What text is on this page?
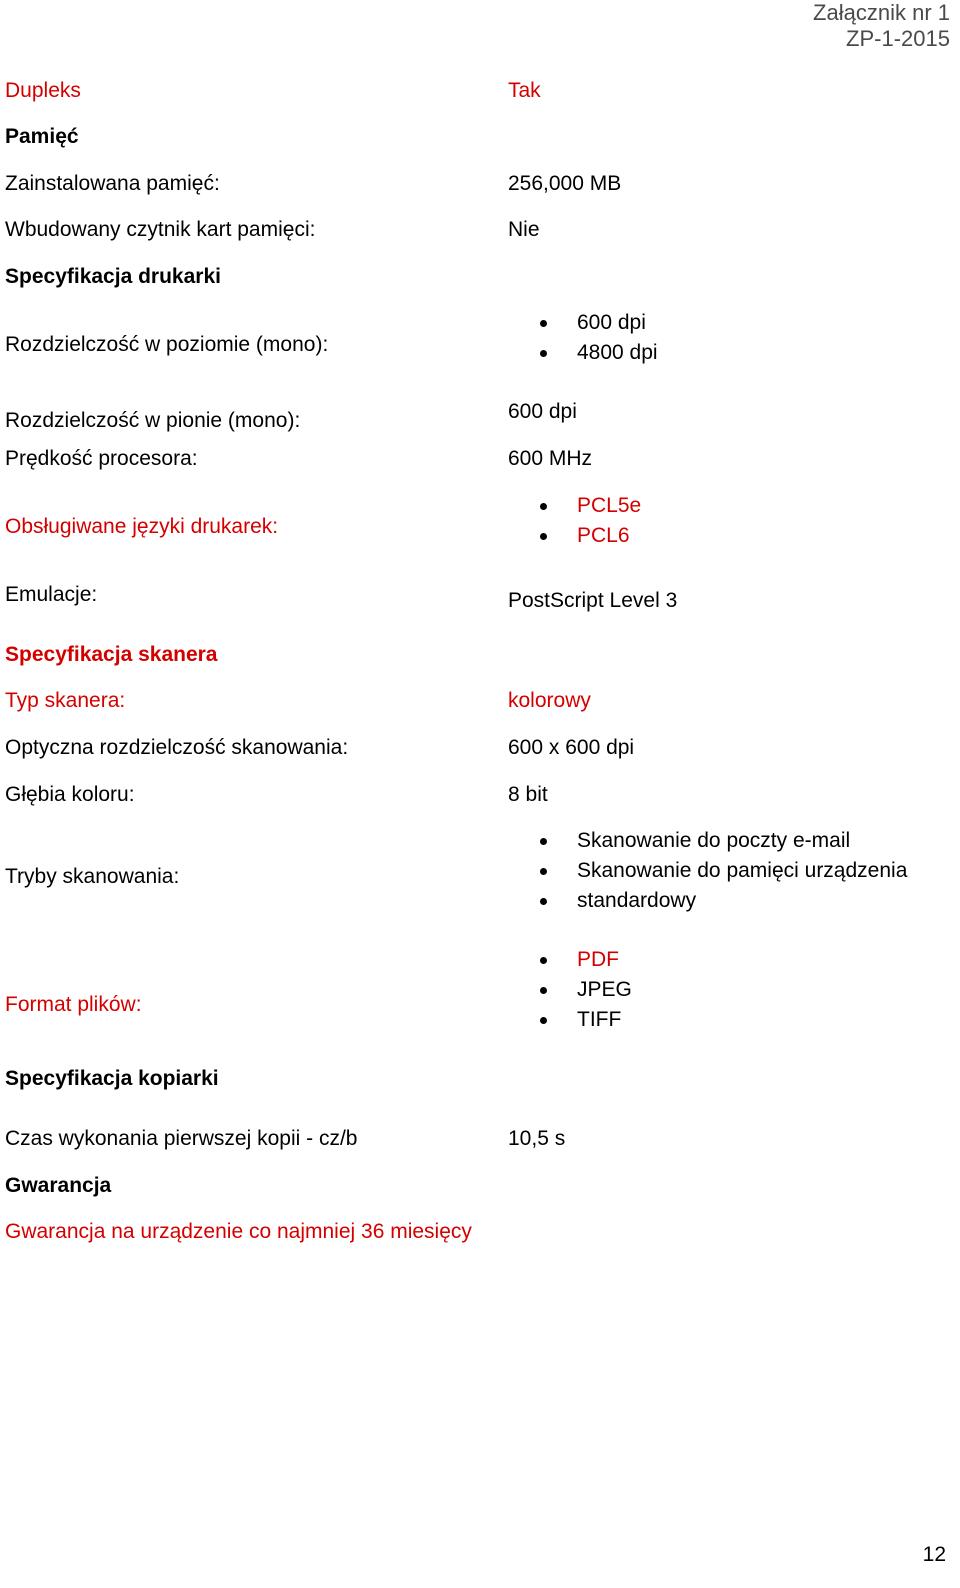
Załącznik nr 1
ZP-1-2015
Dupleks	Tak
Pamięć
Zainstalowana pamięć:	256,000 MB
Wbudowany czytnik kart pamięci:	Nie
Specyfikacja drukarki
Rozdzielczość w poziomie (mono):
600 dpi
4800 dpi
Rozdzielczość w pionie (mono):	600 dpi
Prędkość procesora:	600 MHz
Obsługiwane języki drukarek:
PCL5e
PCL6
Emulacje:	PostScript Level 3
Specyfikacja skanera
Typ skanera:	kolorowy
Optyczna rozdzielczość skanowania:	600 x 600 dpi
Głębia koloru:	8 bit
Tryby skanowania:
Skanowanie do poczty e-mail
Skanowanie do pamięci urządzenia
standardowy
Format plików:
PDF
JPEG
TIFF
Specyfikacja kopiarki
Czas wykonania pierwszej kopii - cz/b	10,5 s
Gwarancja
Gwarancja na urządzenie co najmniej 36 miesięcy
12
